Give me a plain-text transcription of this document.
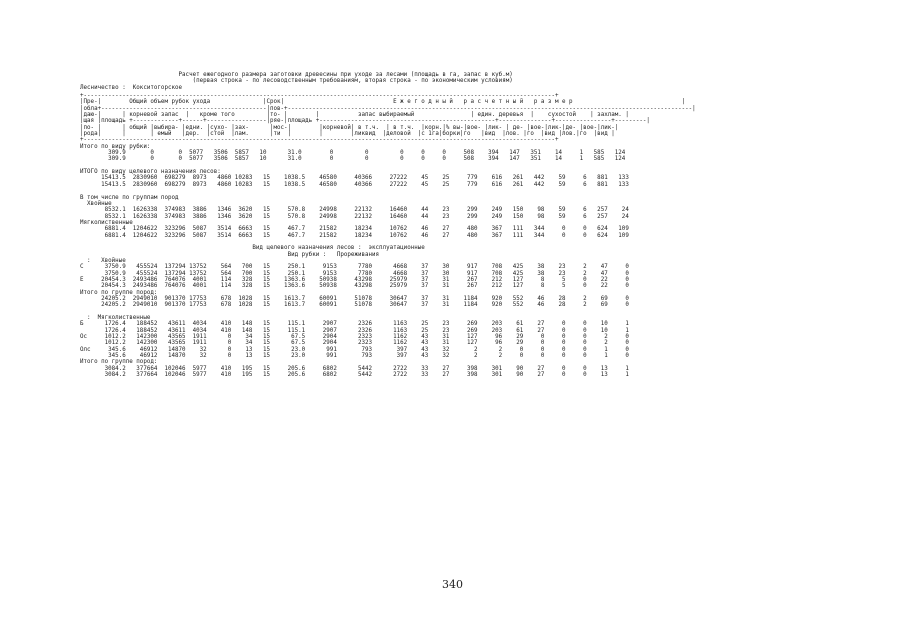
Расчет ежегодного размера заготовки древесины при уходе за лесами (площадь в га, запас в куб.м)
(первая строка - по лесоводственным требованиям, вторая строка - по экономическим условиям)
Лесничество :  Кокситогорское
+--------------------------------------------------------------------------------------------------------------------------------------+
|Пре-|        Общий объем рубок ухода               |Срок|                               Е ж е г о д н ы й   р а с ч е т н ы й   р а з м е р                               |
|обла+-----------------------------------------------|пов-+-------------------------------------------------------------------------------------------------------------------|
|даю-|      | корневой запас  |   кроме того         |то- |        |           запас выбираемый                | един. деревья  |    сухостой    | захлам. |
|щая |площадь +-------------+------+-----------------|ряе-|площадь +--------------------------------------------------+---------------+----------------+---------|
|по- |      | общий |выбира- |едни. |сухо- |зах-      |мос-|        |корневой| в т.ч.  | в т.ч.  |корн.|% вы-|вое- |лик- | де- |вое-|лик-|де- |вое-|лик-|
|рода|      |       | емый   |дер.  |стой  |лам.      |ти  |        |        |ликвид  |деловой  |с 1га|борки|го   |вид  |лов. |го  |вид |лов.|го  |вид |
+--------------------------------------------------------------------------------------------------------------------------------------+
Итого по виду рубки:
309.9       0       0  5077   3506  5857   10      31.0        0         0         0     0     0     508    394   147   351    14     1   585   124
309.9       0       0  5077   3506  5857   10      31.0        0         0         0     0     0     508    394   147   351    14     1   585   124

ИТОГО по виду целевого назначения лесов:
15413.5  2830960  698279  8973   4860 10283   15    1038.5    46580     40366     27222    45    25     779    616   261   442    59     6   881   133
15413.5  2830960  698279  8973   4860 10283   15    1038.5    46580     40366     27222    45    25     779    616   261   442    59     6   881   133

В том числе по группам пород
Хвойные
8532.1  1626338  374983  3886   1346  3620   15     570.8    24998     22132     16460    44    23     299    249   150    98    59     6   257    24
8532.1  1626338  374983  3886   1346  3620   15     570.8    24998     22132     16460    44    23     299    249   150    98    59     6   257    24
Мягколиственные
6881.4  1204622  323296  5087   3514  6663   15     467.7    21582     18234     10762    46    27     480    367   111   344     0     0   624   109
6881.4  1204622  323296  5087   3514  6663   15     467.7    21582     18234     10762    46    27     480    367   111   344     0     0   624   109

Вид целевого назначения лесов :  эксплуатационные
Вид рубки :   Прореживания
:   Хвойные
С      3750.9   455524  137294 13752    564   700   15     250.1     9153      7780      4668    37    30     917    708   425    38    23     2    47     0
3750.9   455524  137294 13752    564   700   15     250.1     9153      7780      4668    37    30     917    708   425    38    23     2    47     0
Е     20454.3  2493486  764076  4001    114   328   15    1363.6    50938     43298     25979    37    31     267    212   127     8     5     0    22     0
20454.3  2493486  764076  4001    114   328   15    1363.6    50938     43298     25979    37    31     267    212   127     8     5     0    22     0
Итого по группе пород:
24205.2  2949010  901370 17753    678  1028   15    1613.7    60091     51078     30647    37    31    1184    920   552    46    28     2    69     0
24205.2  2949010  901370 17753    678  1028   15    1613.7    60091     51078     30647    37    31    1184    920   552    46    28     2    69     0

:  Мягколиственные
Б      1726.4   188452   43611  4034    410   148   15     115.1     2907      2326      1163    25    23     269    203    61    27     0     0    10     1
1726.4   188452   43611  4034    410   148   15     115.1     2907      2326      1163    25    23     269    203    61    27     0     0    10     1
Ос     1012.2   142300   43565  1911      0    34   15      67.5     2904      2323      1162    43    31     127     96    29     0     0     0     2     0
1012.2   142300   43565  1911      0    34   15      67.5     2904      2323      1162    43    31     127     96    29     0     0     0     2     0
Олс     345.6    46912   14870    32      0    13   15      23.0      991       793       397    43    32       2      2     0     0     0     0     1     0
345.6    46912   14870    32      0    13   15      23.0      991       793       397    43    32       2      2     0     0     0     0     1     0
Итого по группе пород:
3084.2   377664  102046  5977    410   195   15     205.6     6802      5442      2722    33    27     398    301    90    27     0     0    13     1
3084.2   377664  102046  5977    410   195   15     205.6     6802      5442      2722    33    27     398    301    90    27     0     0    13     1

340
